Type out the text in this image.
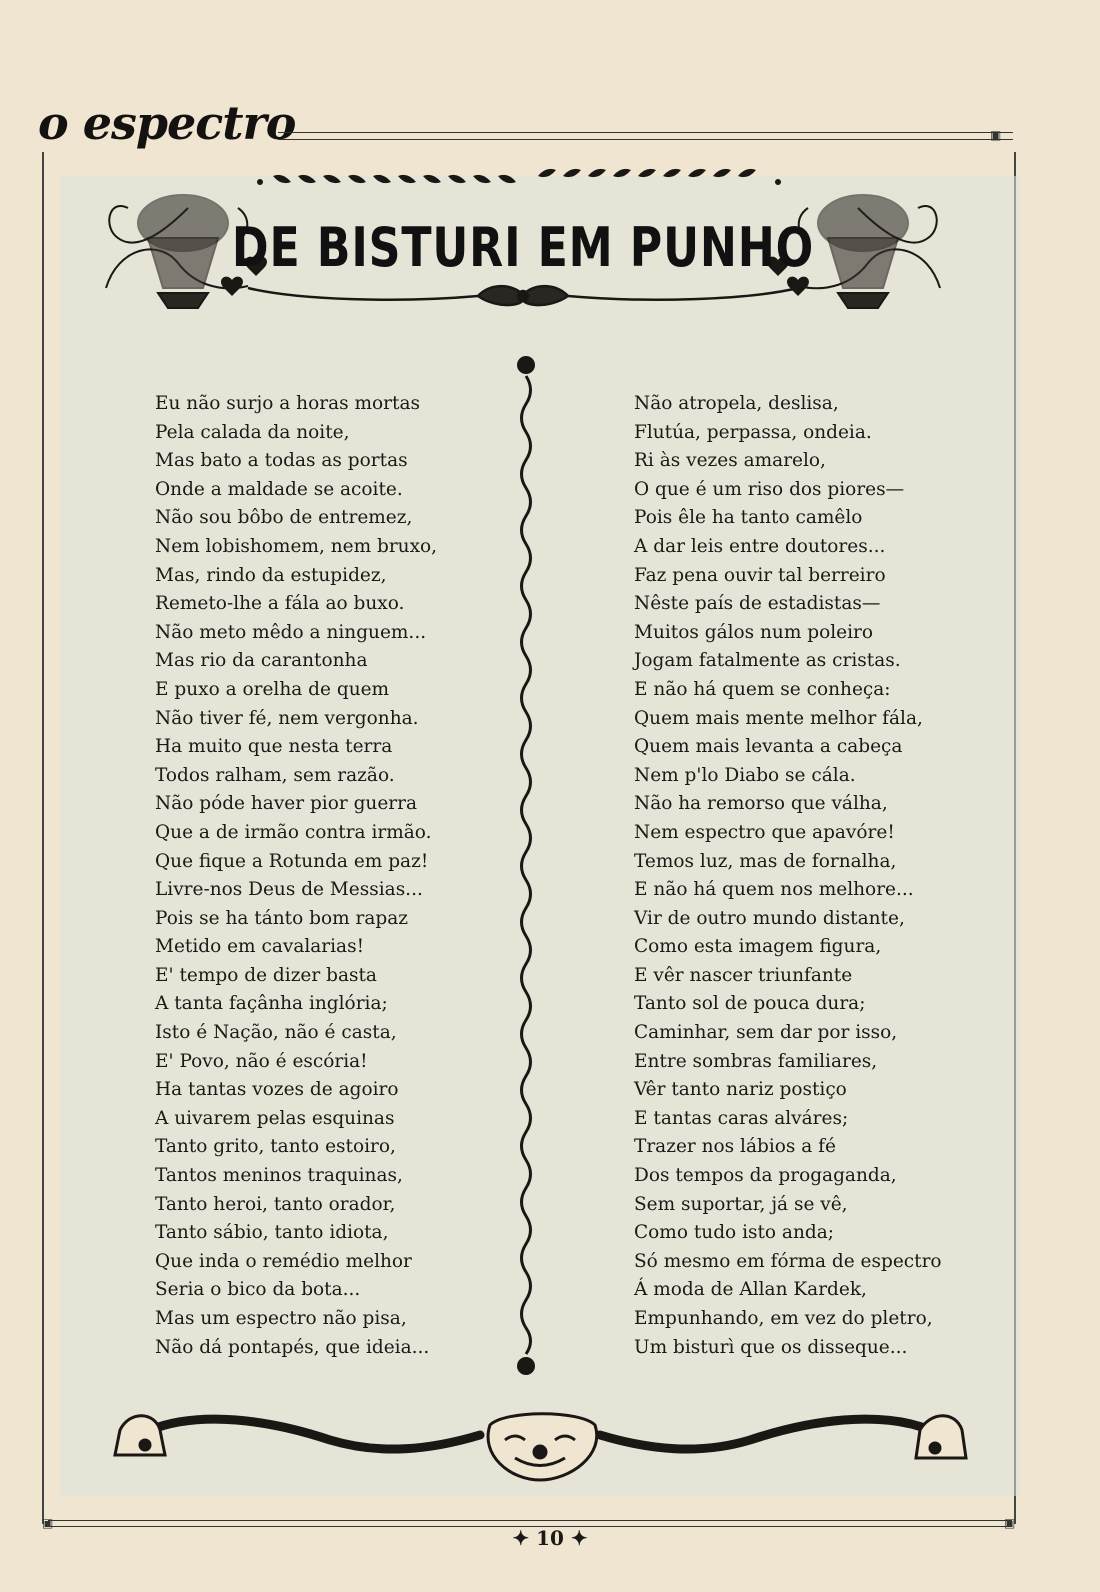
o espectro	▣
DE BISTURI EM PUNHO
Eu não surjo a horas mortas
Pela calada da noite,
Mas bato a todas as portas
Onde a maldade se acoite.
Não sou bôbo de entremez,
Nem lobishomem, nem bruxo,
Mas, rindo da estupidez,
Remeto-lhe a fála ao buxo.
Não meto mêdo a ninguem...
Mas rio da carantonha
E puxo a orelha de quem
Não tiver fé, nem vergonha.
Ha muito que nesta terra
Todos ralham, sem razão.
Não póde haver pior guerra
Que a de irmão contra irmão.
Que fique a Rotunda em paz!
Livre-nos Deus de Messias...
Pois se ha tánto bom rapaz
Metido em cavalarias!
E' tempo de dizer basta
A tanta façânha inglória;
Isto é Nação, não é casta,
E' Povo, não é escória!
Ha tantas vozes de agoiro
A uivarem pelas esquinas
Tanto grito, tanto estoiro,
Tantos meninos traquinas,
Tanto heroi, tanto orador,
Tanto sábio, tanto idiota,
Que inda o remédio melhor
Seria o bico da bota...
Mas um espectro não pisa,
Não dá pontapés, que ideia...
Não atropela, deslisa,
Flutúa, perpassa, ondeia.
Ri às vezes amarelo,
O que é um riso dos piores—
Pois êle ha tanto camêlo
A dar leis entre doutores...
Faz pena ouvir tal berreiro
Nêste país de estadistas—
Muitos gálos num poleiro
Jogam fatalmente as cristas.
E não há quem se conheça:
Quem mais mente melhor fála,
Quem mais levanta a cabeça
Nem p'lo Diabo se cála.
Não ha remorso que válha,
Nem espectro que apavóre!
Temos luz, mas de fornalha,
E não há quem nos melhore...
Vir de outro mundo distante,
Como esta imagem figura,
E vêr nascer triunfante
Tanto sol de pouca dura;
Caminhar, sem dar por isso,
Entre sombras familiares,
Vêr tanto nariz postiço
E tantas caras alváres;
Trazer nos lábios a fé
Dos tempos da progaganda,
Sem suportar, já se vê,
Como tudo isto anda;
Só mesmo em fórma de espectro
Á moda de Allan Kardek,
Empunhando, em vez do pletro,
Um bisturì que os disseque...
▣	▣
✦ 10 ✦
